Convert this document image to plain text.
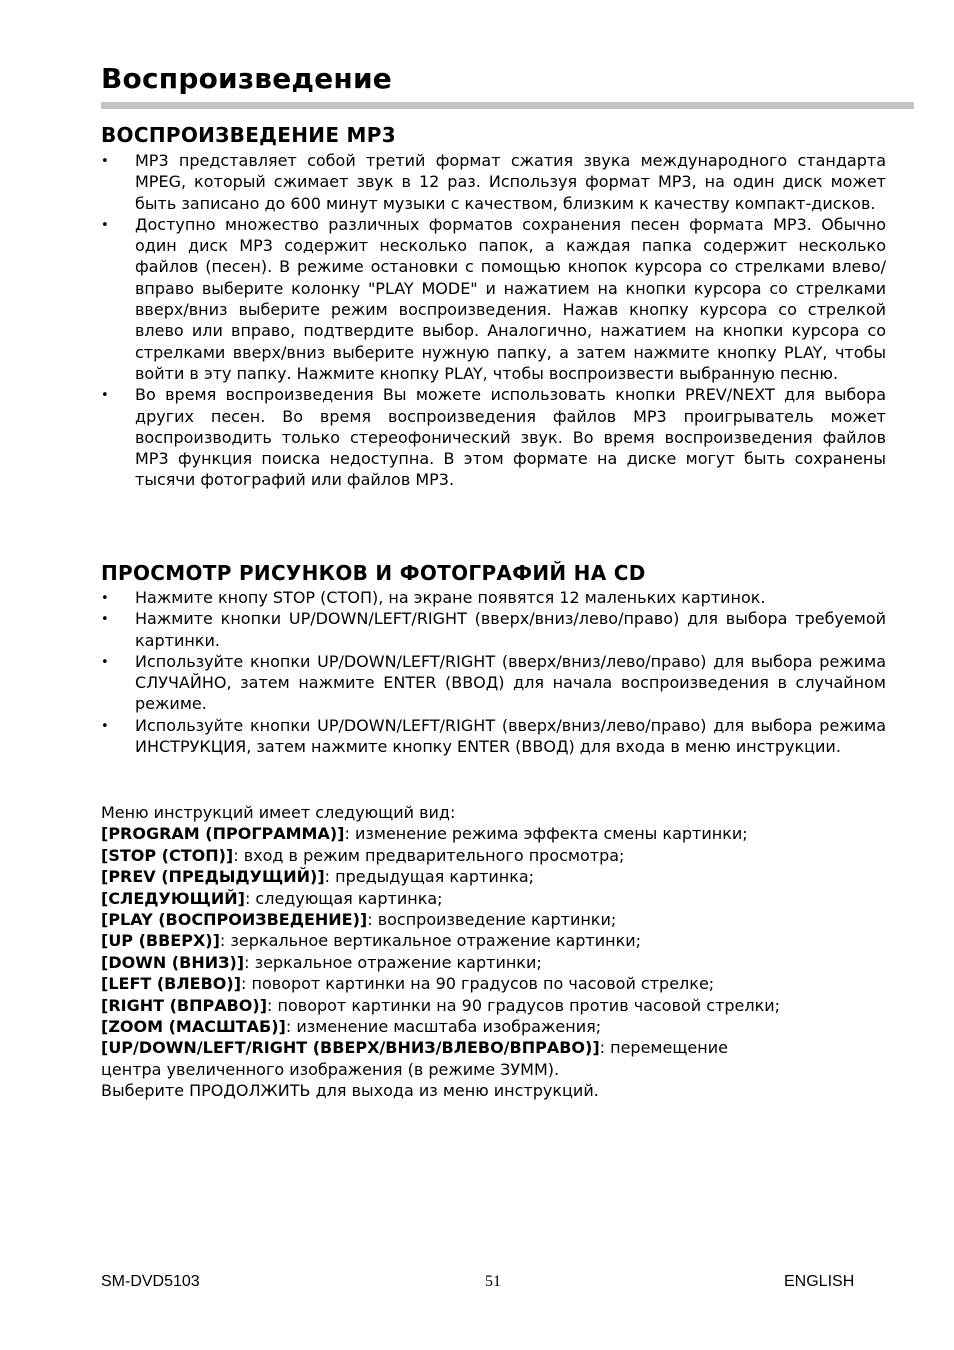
Воспроизведение
ВОСПРОИЗВЕДЕНИЕ MP3
• MP3 представляет собой третий формат сжатия звука международного стандарта MPEG, который сжимает звук в 12 раз. Используя формат MP3, на один диск может быть записано до 600 минут музыки с качеством, близким к качеству компакт-дисков.
• Доступно множество различных форматов сохранения песен формата MP3. Обычно один диск MP3 содержит несколько папок, а каждая папка содержит несколько файлов (песен). В режиме остановки с помощью кнопок курсора со стрелками влево/вправо выберите колонку "PLAY MODE" и нажатием на кнопки курсора со стрелками вверх/вниз выберите режим воспроизведения. Нажав кнопку курсора со стрелкой влево или вправо, подтвердите выбор. Аналогично, нажатием на кнопки курсора со стрелками вверх/вниз выберите нужную папку, а затем нажмите кнопку PLAY, чтобы войти в эту папку. Нажмите кнопку PLAY, чтобы воспроизвести выбранную песню.
• Во время воспроизведения Вы можете использовать кнопки PREV/NEXT для выбора других песен. Во время воспроизведения файлов MP3 проигрыватель может воспроизводить только стереофонический звук. Во время воспроизведения файлов MP3 функция поиска недоступна. В этом формате на диске могут быть сохранены тысячи фотографий или файлов MP3.
ПРОСМОТР РИСУНКОВ И ФОТОГРАФИЙ НА CD
• Нажмите кнопу STOP (СТОП), на экране появятся 12 маленьких картинок.
• Нажмите кнопки UP/DOWN/LEFT/RIGHT (вверх/вниз/лево/право) для выбора требуемой картинки.
• Используйте кнопки UP/DOWN/LEFT/RIGHT (вверх/вниз/лево/право) для выбора режима СЛУЧАЙНО, затем нажмите ENTER (ВВОД) для начала воспроизведения в случайном режиме.
• Используйте кнопки UP/DOWN/LEFT/RIGHT (вверх/вниз/лево/право) для выбора режима ИНСТРУКЦИЯ, затем нажмите кнопку ENTER (ВВОД) для входа в меню инструкции.
Меню инструкций имеет следующий вид:
[PROGRAM (ПРОГРАММА)]: изменение режима эффекта смены картинки;
[STOP (СТОП)]: вход в режим предварительного просмотра;
[PREV (ПРЕДЫДУЩИЙ)]: предыдущая картинка;
[СЛЕДУЮЩИЙ]: следующая картинка;
[PLAY (ВОСПРОИЗВЕДЕНИЕ)]: воспроизведение картинки;
[UP (ВВЕРХ)]: зеркальное вертикальное отражение картинки;
[DOWN (ВНИЗ)]: зеркальное отражение картинки;
[LEFT (ВЛЕВО)]: поворот картинки на 90 градусов по часовой стрелке;
[RIGHT (ВПРАВО)]: поворот картинки на 90 градусов против часовой стрелки;
[ZOOM (МАСШТАБ)]: изменение масштаба изображения;
[UP/DOWN/LEFT/RIGHT (ВВЕРХ/ВНИЗ/ВЛЕВО/ВПРАВО)]: перемещение
центра увеличенного изображения (в режиме ЗУММ).
Выберите ПРОДОЛЖИТЬ для выхода из меню инструкций.
SM-DVD5103	51	ENGLISH
